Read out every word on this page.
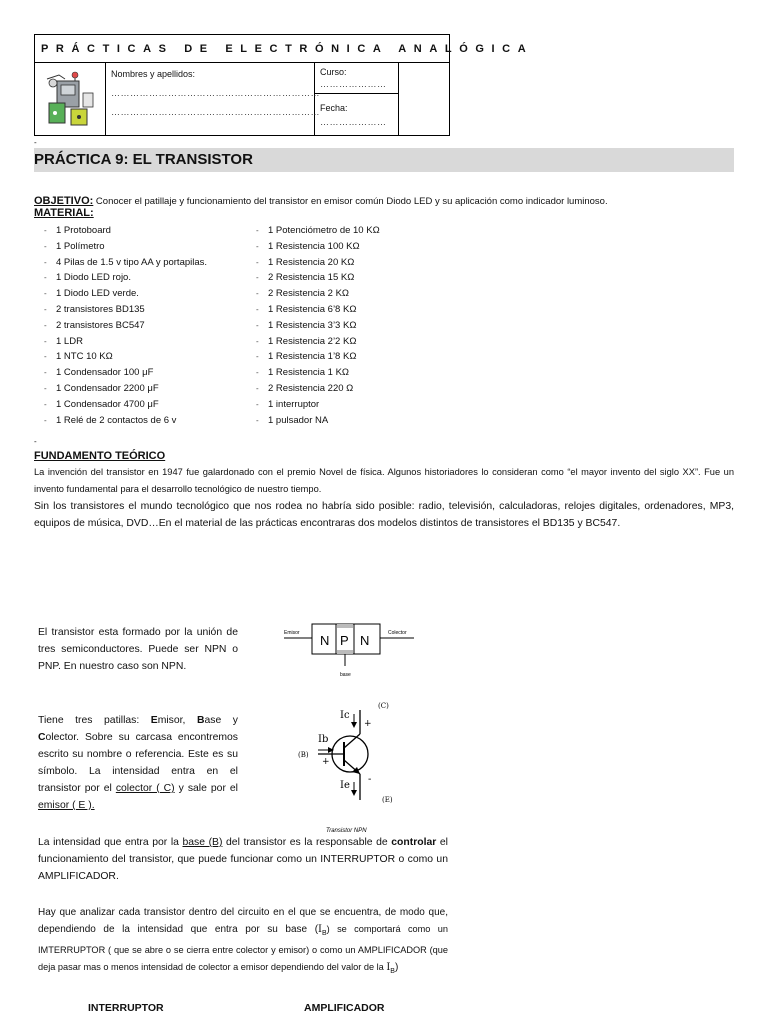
PRÁCTICAS DE ELECTRÓNICA ANALÓGICA
Nombres y apellidos:
…………………………………………………………
…………………………………………………………
Curso:
…………………
Fecha:
…………………
-
PRÁCTICA 9: EL TRANSISTOR
OBJETIVO: Conocer el patillaje y funcionamiento del transistor en emisor común Diodo LED y su aplicación como indicador luminoso.
MATERIAL:
- 1 Protoboard
- 1 Polímetro
- 4 Pilas de 1.5 v tipo AA y portapilas.
- 1 Diodo LED rojo.
- 1 Diodo LED verde.
- 2 transistores BD135
- 2 transistores BC547
- 1 LDR
- 1 NTC 10 KΩ
- 1 Condensador 100 μF
- 1 Condensador 2200 μF
- 1 Condensador 4700 μF
- 1 Relé de 2 contactos de 6 v
- 1 Potenciómetro de 10 KΩ
- 1 Resistencia 100 KΩ
- 1 Resistencia 20 KΩ
- 2 Resistencia 15 KΩ
- 2 Resistencia 2 KΩ
- 1 Resistencia 6’8 KΩ
- 1 Resistencia 3’3 KΩ
- 1 Resistencia 2’2 KΩ
- 1 Resistencia 1’8 KΩ
- 1 Resistencia 1 KΩ
- 2 Resistencia 220 Ω
- 1 interruptor
- 1 pulsador NA
-
FUNDAMENTO TEÓRICO
La invención del transistor en 1947 fue galardonado con el premio Novel de física. Algunos historiadores lo consideran como “el mayor invento del siglo XX”. Fue un invento fundamental para el desarrollo tecnológico de nuestro tiempo.
Sin los transistores el mundo tecnológico que nos rodea no habría sido posible: radio, televisión, calculadoras, relojes digitales, ordenadores, MP3, equipos de música, DVD…En el material de las prácticas encontraras dos modelos distintos de transistores el BD135 y BC547.
El transistor esta formado por la unión de tres semiconductores. Puede ser NPN o PNP. En nuestro caso son NPN.
Tiene tres patillas: Emisor, Base y Colector. Sobre su carcasa encontremos escrito su nombre o referencia. Este es su símbolo. La intensidad entra en el transistor por el colector ( C) y sale por el emisor ( E ).
Emisor	Colector
N P N
base
(C)
(B)
(E)
Ic
Ib
Ie
+
+
-
Transistor NPN
La intensidad que entra por la base (B) del transistor es la responsable de controlar el funcionamiento del transistor, que puede funcionar como un INTERRUPTOR o como un AMPLIFICADOR.
Hay que analizar cada transistor dentro del circuito en el que se encuentra, de modo que, dependiendo de la intensidad que entra por su base $(I_B)$ se comportará como un IMTERRUPTOR ( que se abre o se cierra entre colector y emisor) o como un AMPLIFICADOR (que deja pasar mas o menos intensidad de colector a emisor dependiendo del valor de la $I_B$)
INTERRUPTOR	AMPLIFICADOR
